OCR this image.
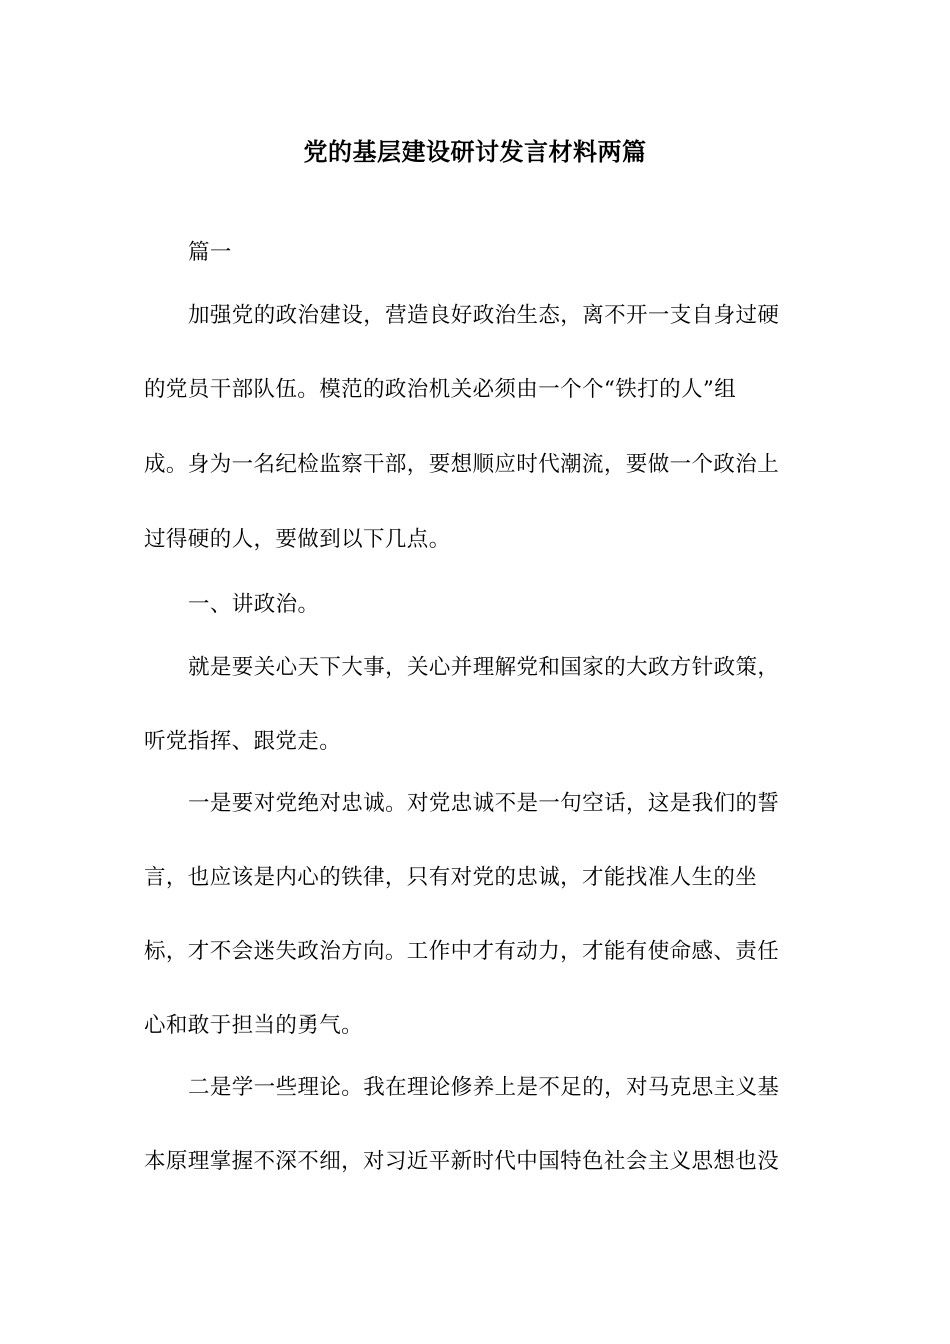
党的基层建设研讨发言材料两篇
篇一
加强党的政治建设，营造良好政治生态，离不开一支自身过硬
的党员干部队伍。模范的政治机关必须由一个个“铁打的人”组
成。身为一名纪检监察干部，要想顺应时代潮流，要做一个政治上
过得硬的人，要做到以下几点。
一、讲政治。
就是要关心天下大事，关心并理解党和国家的大政方针政策，
听党指挥、跟党走。
一是要对党绝对忠诚。对党忠诚不是一句空话，这是我们的誓
言，也应该是内心的铁律，只有对党的忠诚，才能找准人生的坐
标，才不会迷失政治方向。工作中才有动力，才能有使命感、责任
心和敢于担当的勇气。
二是学一些理论。我在理论修养上是不足的，对马克思主义基
本原理掌握不深不细，对习近平新时代中国特色社会主义思想也没
